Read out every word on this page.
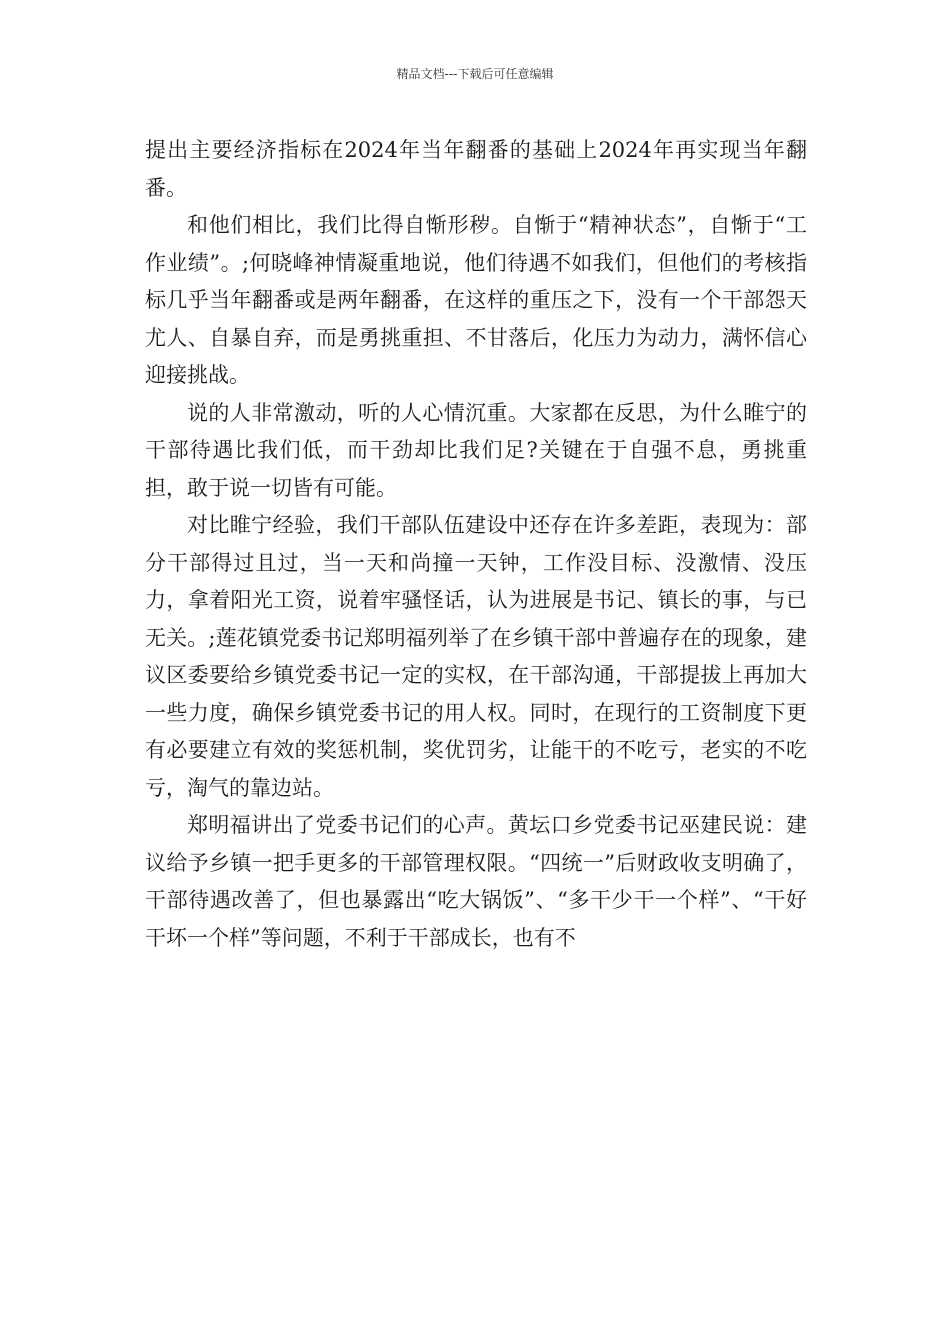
精品文档---下载后可任意编辑

提出主要经济指标在2024年当年翻番的基础上2024年再实现当年翻番。

和他们相比，我们比得自惭形秽。自惭于“精神状态”，自惭于“工作业绩”。;何晓峰神情凝重地说，他们待遇不如我们，但他们的考核指标几乎当年翻番或是两年翻番，在这样的重压之下，没有一个干部怨天尤人、自暴自弃，而是勇挑重担、不甘落后，化压力为动力，满怀信心迎接挑战。

说的人非常激动，听的人心情沉重。大家都在反思，为什么睢宁的干部待遇比我们低，而干劲却比我们足?关键在于自强不息，勇挑重担，敢于说一切皆有可能。

对比睢宁经验，我们干部队伍建设中还存在许多差距，表现为：部分干部得过且过，当一天和尚撞一天钟，工作没目标、没激情、没压力，拿着阳光工资，说着牢骚怪话，认为进展是书记、镇长的事，与已无关。;莲花镇党委书记郑明福列举了在乡镇干部中普遍存在的现象，建议区委要给乡镇党委书记一定的实权，在干部沟通，干部提拔上再加大一些力度，确保乡镇党委书记的用人权。同时，在现行的工资制度下更有必要建立有效的奖惩机制，奖优罚劣，让能干的不吃亏，老实的不吃亏，淘气的靠边站。

郑明福讲出了党委书记们的心声。黄坛口乡党委书记巫建民说：建议给予乡镇一把手更多的干部管理权限。“四统一”后财政收支明确了，干部待遇改善了，但也暴露出“吃大锅饭”、“多干少干一个样”、“干好干坏一个样”等问题，不利于干部成长，也有不
